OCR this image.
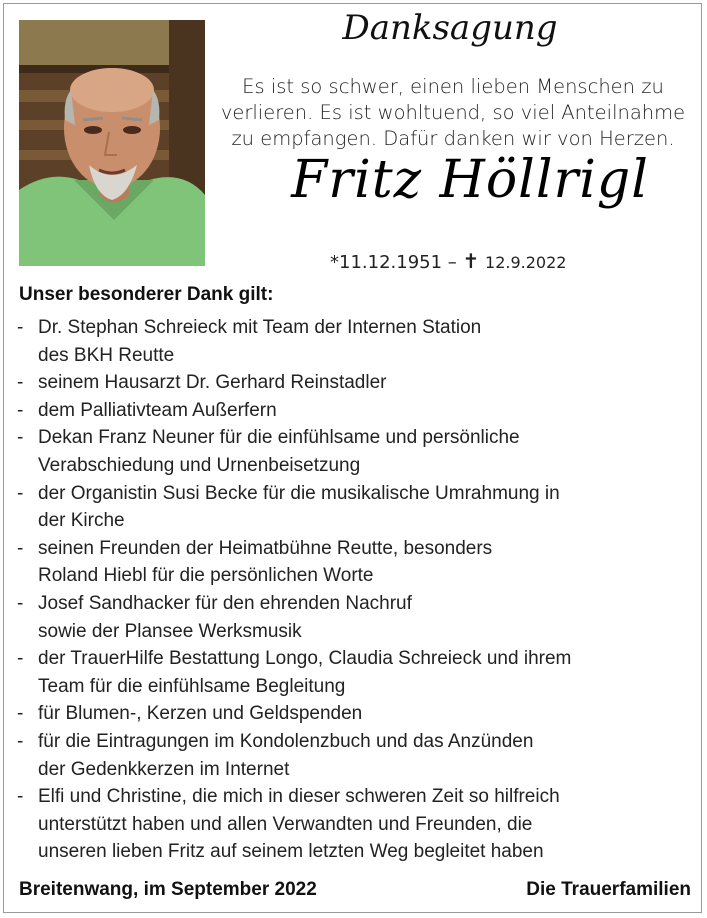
Danksagung
Es ist so schwer, einen lieben Menschen zu
verlieren. Es ist wohltuend, so viel Anteilnahme
zu empfangen. Dafür danken wir von Herzen.
Fritz Höllrigl
*11.12.1951 – ✝ 12.9.2022
Unser besonderer Dank gilt:
- Dr. Stephan Schreieck mit Team der Internen Station
des BKH Reutte
- seinem Hausarzt Dr. Gerhard Reinstadler
- dem Palliativteam Außerfern
- Dekan Franz Neuner für die einfühlsame und persönliche
Verabschiedung und Urnenbeisetzung
- der Organistin Susi Becke für die musikalische Umrahmung in
der Kirche
- seinen Freunden der Heimatbühne Reutte, besonders
Roland Hiebl für die persönlichen Worte
- Josef Sandhacker für den ehrenden Nachruf
sowie der Plansee Werksmusik
- der TrauerHilfe Bestattung Longo, Claudia Schreieck und ihrem
Team für die einfühlsame Begleitung
- für Blumen-, Kerzen und Geldspenden
- für die Eintragungen im Kondolenzbuch und das Anzünden
der Gedenkkerzen im Internet
- Elfi und Christine, die mich in dieser schweren Zeit so hilfreich
unterstützt haben und allen Verwandten und Freunden, die
unseren lieben Fritz auf seinem letzten Weg begleitet haben
Breitenwang, im September 2022	Die Trauerfamilien
